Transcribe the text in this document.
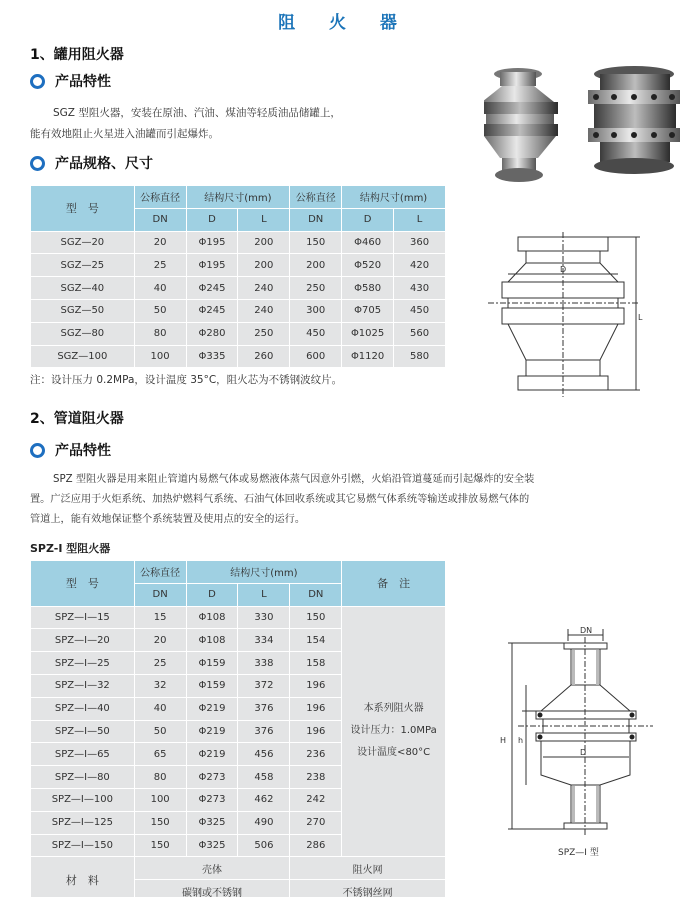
阻 火 器
1、罐用阻火器
产品特性
SGZ 型阻火器，安装在原油、汽油、煤油等轻质油品储罐上，
能有效地阻止火星进入油罐而引起爆炸。
产品规格、尺寸
型　号	公称直径	结构尺寸(mm)		公称直径	结构尺寸(mm)	
	DN	D	L	DN	D	L
SGZ—20	20	Φ195	200	150	Φ460	360
SGZ—25	25	Φ195	200	200	Φ520	420
SGZ—40	40	Φ245	240	250	Φ580	430
SGZ—50	50	Φ245	240	300	Φ705	450
SGZ—80	80	Φ280	250	450	Φ1025	560
SGZ—100	100	Φ335	260	600	Φ1120	580
注：设计压力 0.2MPa，设计温度 35°C，阻火芯为不锈钢波纹片。
D
L
2、管道阻火器
产品特性
SPZ 型阻火器是用来阻止管道内易燃气体或易燃液体蒸气因意外引燃，火焰沿管道蔓延而引起爆炸的安全装
置。广泛应用于火炬系统、加热炉燃料气系统、石油气体回收系统或其它易燃气体系统等输送或排放易燃气体的
管道上，能有效地保证整个系统装置及使用点的安全的运行。
SPZ-I 型阻火器
型　号	公称直径	结构尺寸(mm)			备　注
	DN	D	L	DN	
SPZ—I—15	15	Φ108	330	150	本系列阻火器
设计压力：1.0MPa
设计温度<80°C

SPZ—I—20	20	Φ108	334	154	
SPZ—I—25	25	Φ159	338	158	
SPZ—I—32	32	Φ159	372	196	
SPZ—I—40	40	Φ219	376	196	
SPZ—I—50	50	Φ219	376	196	
SPZ—I—65	65	Φ219	456	236	
SPZ—I—80	80	Φ273	458	238	
SPZ—I—100	100	Φ273	462	242	
SPZ—I—125	150	Φ325	490	270	
SPZ—I—150	150	Φ325	506	286	
材　料	壳体			阻火网	
	碳钢或不锈钢			不锈钢丝网	
DN
H h
D
SPZ—I 型
